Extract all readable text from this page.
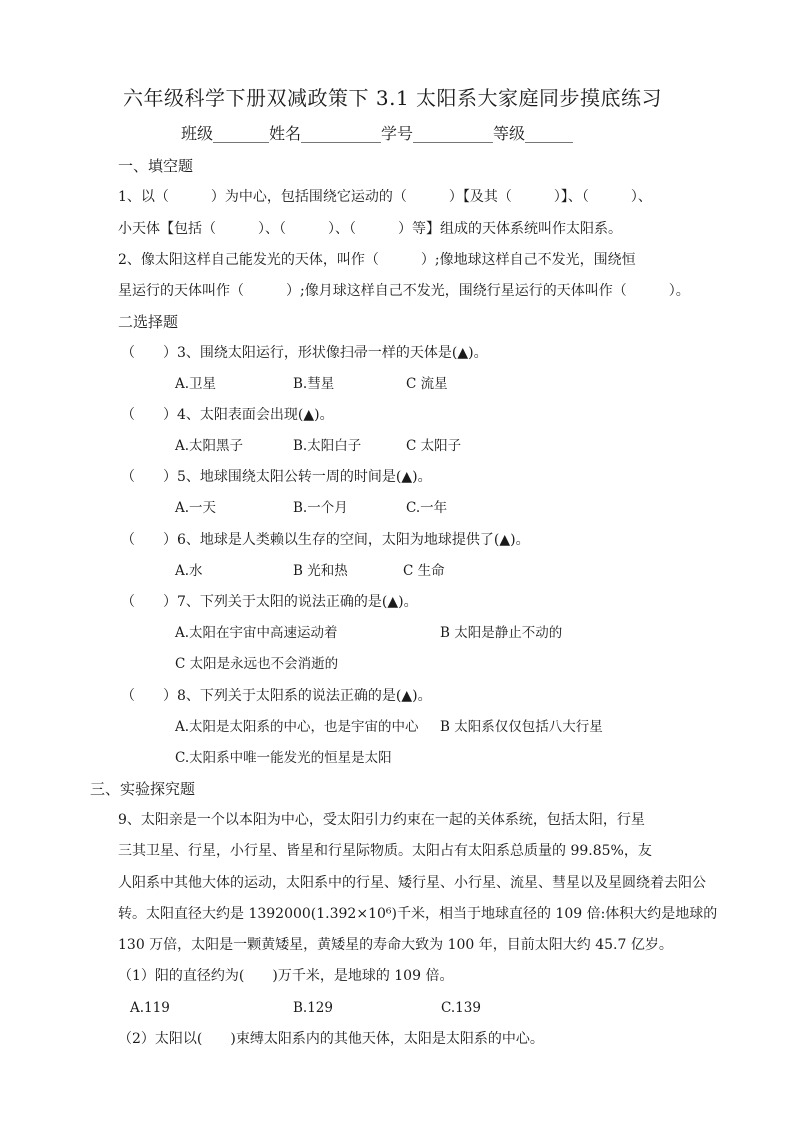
六年级科学下册双减政策下 3.1 太阳系大家庭同步摸底练习
班级_______姓名__________学号__________等级______
一、填空题
1、以（　　　）为中心，包括围绕它运动的（　　　）【及其（　　　）】、（　　　）、
小天体【包括（　　　）、（　　　）、（　　　）等】组成的天体系统叫作太阳系。
2、像太阳这样自己能发光的天体，叫作（　　　）;像地球这样自己不发光，围绕恒
星运行的天体叫作（　　　）;像月球这样自己不发光，围绕行星运行的天体叫作（　　　）。
二选择题
（　　）3、围绕太阳运行，形状像扫帚一样的天体是(▲)。
A.卫星	B.彗星	C 流星
（　　）4、太阳表面会出现(▲)。
A.太阳黑子	B.太阳白子	C 太阳子
（　　）5、地球围绕太阳公转一周的时间是(▲)。
A.一天	B.一个月	C.一年
（　　）6、地球是人类赖以生存的空间，太阳为地球提供了(▲)。
A.水	B 光和热	C 生命
（　　）7、下列关于太阳的说法正确的是(▲)。
A.太阳在宇宙中高速运动着	B 太阳是静止不动的
C 太阳是永远也不会消逝的
（　　）8、下列关于太阳系的说法正确的是(▲)。
A.太阳是太阳系的中心，也是宇宙的中心 B 太阳系仅仅包括八大行星
C.太阳系中唯一能发光的恒星是太阳
三、实验探究题
9、太阳亲是一个以本阳为中心，受太阳引力约束在一起的关体系统，包括太阳，行星
三其卫星、行星，小行星、皆星和行星际物质。太阳占有太阳系总质量的 99.85%，友
人阳系中其他大体的运动，太阳系中的行星、矮行星、小行星、流星、彗星以及星圆绕着去阳公
转。太阳直径大约是 1392000(1.392×10⁶)千米，相当于地球直径的 109 倍:体积大约是地球的
130 万倍，太阳是一颗黄矮星，黄矮星的寿命大致为 100 年，目前太阳大约 45.7 亿岁。
（1）阳的直径约为(　　)万千米，是地球的 109 倍。
A.119	B.129	C.139
（2）太阳以(　　)束缚太阳系内的其他天体，太阳是太阳系的中心。
